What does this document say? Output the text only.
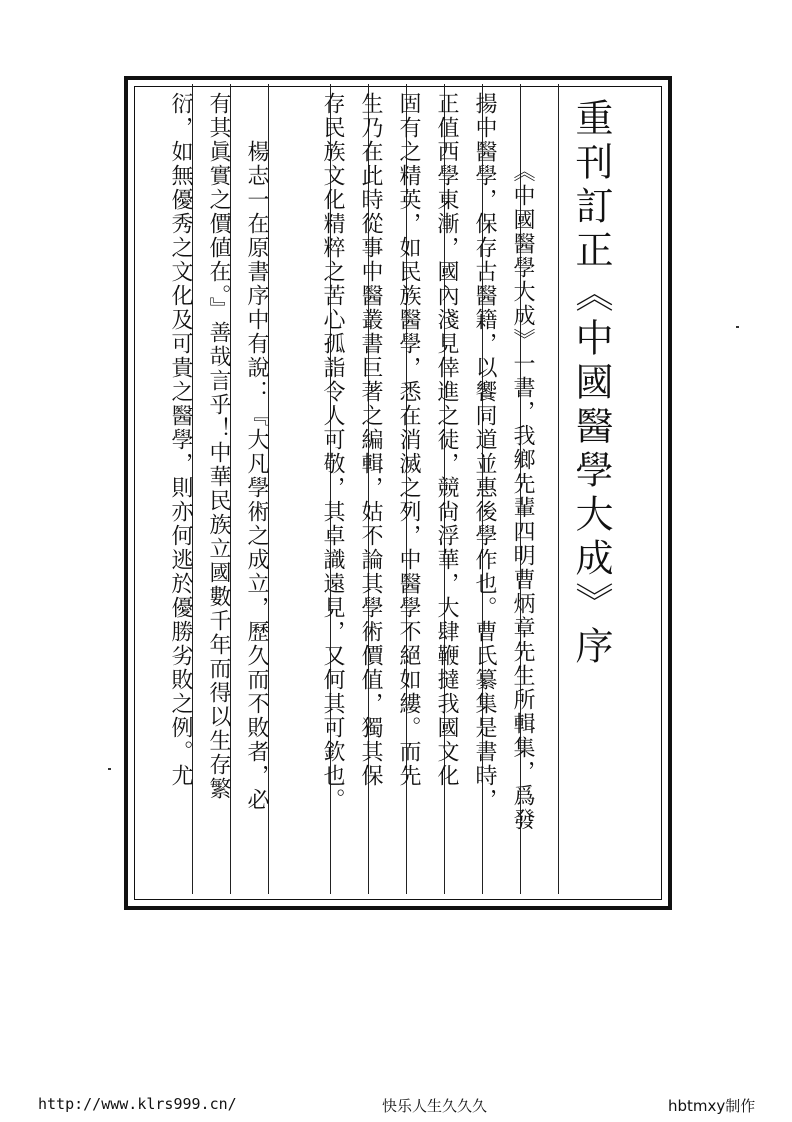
重刊訂正《中國醫學大成》序
《中國醫學大成》一書，我鄉先輩四明曹炳章先生所輯集，爲發
揚中醫學，保存古醫籍，以饗同道並惠後學作也。曹氏纂集是書時，
正值西學東漸，國內淺見倖進之徒，競尙浮華，大肆鞭撻我國文化
固有之精英，如民族醫學，悉在消滅之列，中醫學不絕如縷。而先
生乃在此時從事中醫叢書巨著之編輯，姑不論其學術價值，獨其保
存民族文化精粹之苦心孤詣令人可敬，其卓識遠見，又何其可欽也。
楊志一在原書序中有說：『大凡學術之成立，歷久而不敗者，必
有其眞實之價値在。』善哉言乎！中華民族立國數千年而得以生存繁
衍，如無優秀之文化及可貴之醫學，則亦何逃於優勝劣敗之例。尤
http://www.klrs999.cn/	快乐人生久久久	hbtmxy制作
